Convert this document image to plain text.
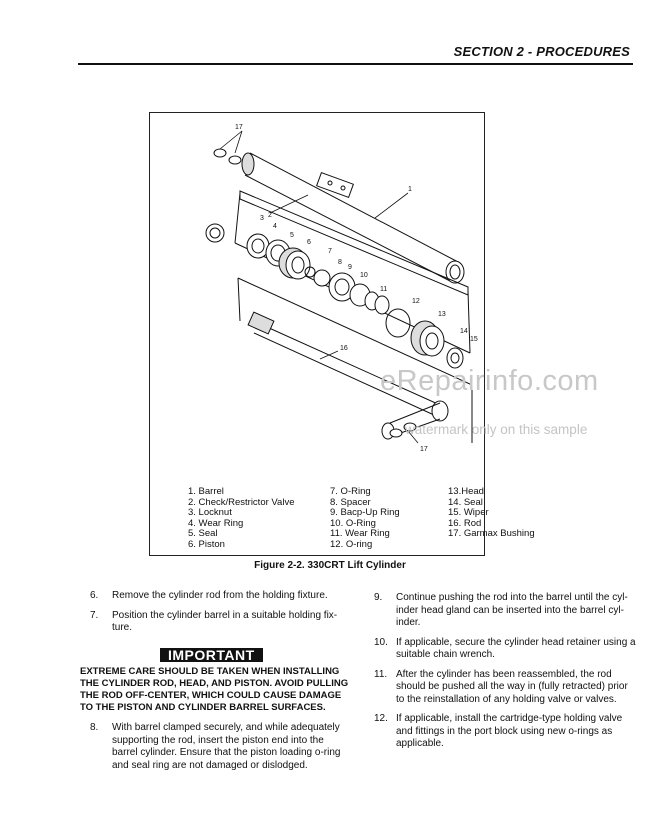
SECTION 2 - PROCEDURES
17
2
1
3
4
5
6
7
8
9
10
11
12
13
14
15
16
17
1. Barrel
2. Check/Restrictor Valve
3. Locknut
4. Wear Ring
5. Seal
6. Piston
7. O-Ring
8. Spacer
9. Bacp-Up Ring
10. O-Ring
11. Wear Ring
12. O-ring
13.Head
14. Seal
15. Wiper
16. Rod
17. Garmax Bushing
eRepairinfo.com
watermark only on this sample
Figure 2-2. 330CRT Lift Cylinder
6. Remove the cylinder rod from the holding fixture.
7. Position the cylinder barrel in a suitable holding fix-ture.
IMPORTANT
EXTREME CARE SHOULD BE TAKEN WHEN INSTALLING THE CYLINDER ROD, HEAD, AND PISTON. AVOID PULLING THE ROD OFF-CENTER, WHICH COULD CAUSE DAMAGE TO THE PISTON AND CYLINDER BARREL SURFACES.
8. With barrel clamped securely, and while adequately supporting the rod, insert the piston end into the barrel cylinder. Ensure that the piston loading o-ring and seal ring are not damaged or dislodged.
9. Continue pushing the rod into the barrel until the cyl-inder head gland can be inserted into the barrel cyl-inder.
10. If applicable, secure the cylinder head retainer using a suitable chain wrench.
11. After the cylinder has been reassembled, the rod should be pushed all the way in (fully retracted) prior to the reinstallation of any holding valve or valves.
12. If applicable, install the cartridge-type holding valve and fittings in the port block using new o-rings as applicable.
